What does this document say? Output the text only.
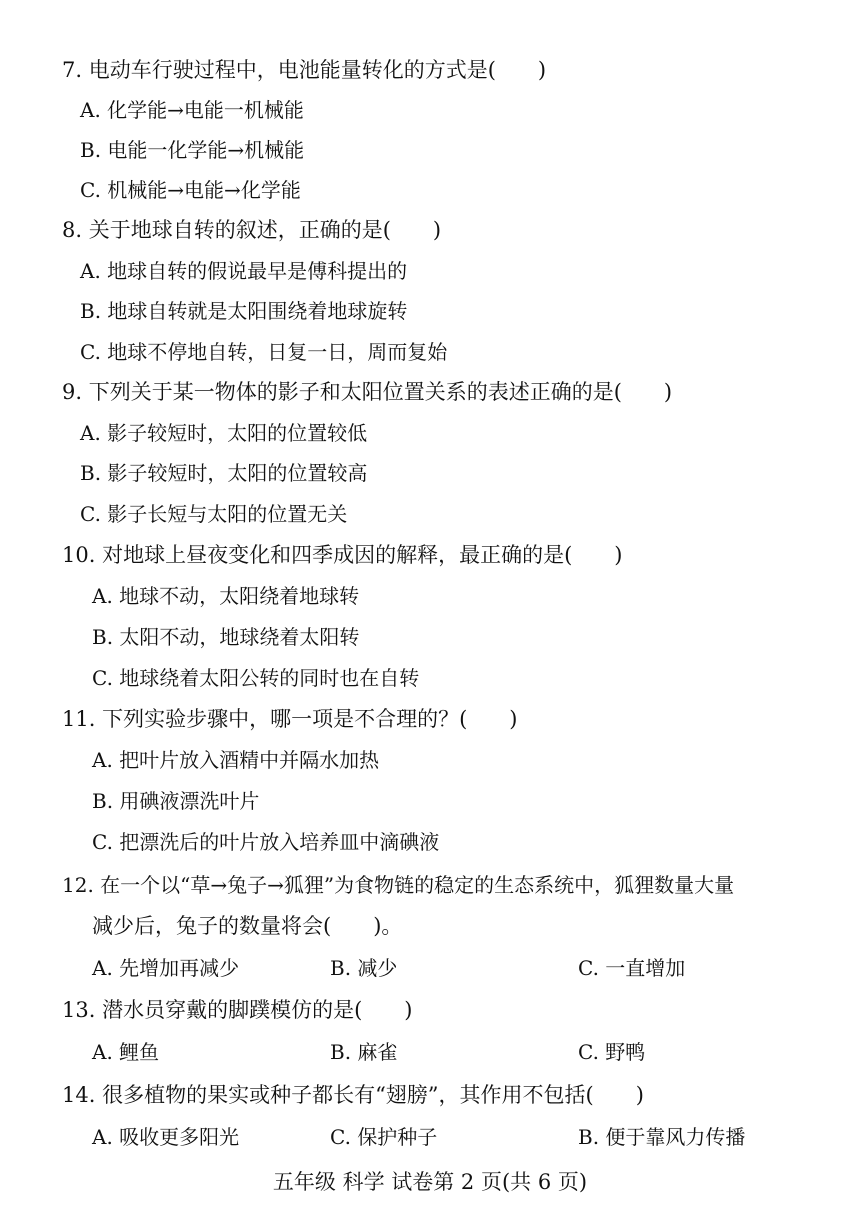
7. 电动车行驶过程中，电池能量转化的方式是(　　)
A. 化学能→电能一机械能
B. 电能一化学能→机械能
C. 机械能→电能→化学能
8. 关于地球自转的叙述，正确的是(　　)
A. 地球自转的假说最早是傅科提出的
B. 地球自转就是太阳围绕着地球旋转
C. 地球不停地自转，日复一日，周而复始
9. 下列关于某一物体的影子和太阳位置关系的表述正确的是(　　)
A. 影子较短时，太阳的位置较低
B. 影子较短时，太阳的位置较高
C. 影子长短与太阳的位置无关
10. 对地球上昼夜变化和四季成因的解释，最正确的是(　　)
A. 地球不动，太阳绕着地球转
B. 太阳不动，地球绕着太阳转
C. 地球绕着太阳公转的同时也在自转
11. 下列实验步骤中，哪一项是不合理的？(　　)
A. 把叶片放入酒精中并隔水加热
B. 用碘液漂洗叶片
C. 把漂洗后的叶片放入培养皿中滴碘液
12. 在一个以“草→兔子→狐狸”为食物链的稳定的生态系统中，狐狸数量大量
减少后，兔子的数量将会(　　)。
A. 先增加再减少	B. 减少	C. 一直增加
13. 潜水员穿戴的脚蹼模仿的是(　　)
A. 鲤鱼	B. 麻雀	C. 野鸭
14. 很多植物的果实或种子都长有“翅膀”，其作用不包括(　　)
A. 吸收更多阳光	C. 保护种子	B. 便于靠风力传播
五年级 科学 试卷第 2 页(共 6 页)
